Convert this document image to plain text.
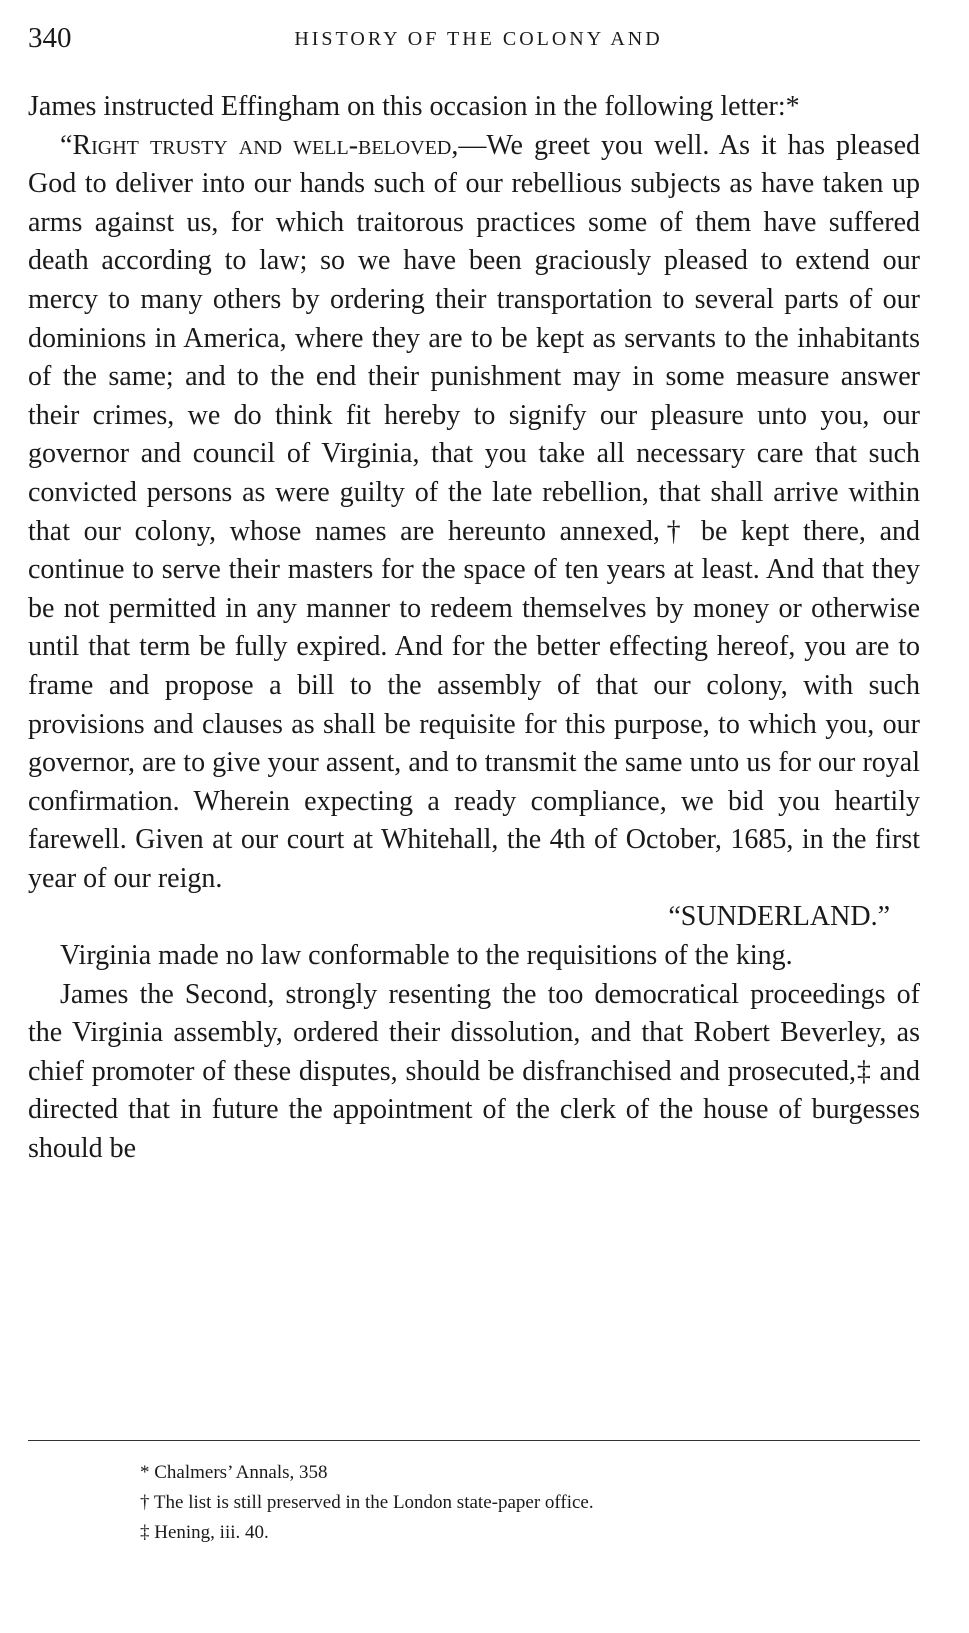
340	HISTORY OF THE COLONY AND

James instructed Effingham on this occasion in the following letter:*

“Right trusty and well-beloved,—We greet you well. As it has pleased God to deliver into our hands such of our rebellious subjects as have taken up arms against us, for which traitorous practices some of them have suffered death according to law; so we have been graciously pleased to extend our mercy to many others by ordering their transportation to several parts of our dominions in America, where they are to be kept as servants to the inhabitants of the same; and to the end their punishment may in some measure answer their crimes, we do think fit hereby to signify our pleasure unto you, our governor and council of Virginia, that you take all necessary care that such convicted persons as were guilty of the late rebellion, that shall arrive within that our colony, whose names are hereunto annexed,† be kept there, and continue to serve their masters for the space of ten years at least. And that they be not permitted in any manner to redeem themselves by money or otherwise until that term be fully expired. And for the better effecting hereof, you are to frame and propose a bill to the assembly of that our colony, with such provisions and clauses as shall be requisite for this purpose, to which you, our governor, are to give your assent, and to transmit the same unto us for our royal confirmation. Wherein expecting a ready compliance, we bid you heartily farewell. Given at our court at Whitehall, the 4th of October, 1685, in the first year of our reign.

“SUNDERLAND.”

Virginia made no law conformable to the requisitions of the king.

James the Second, strongly resenting the too democratical proceedings of the Virginia assembly, ordered their dissolution, and that Robert Beverley, as chief promoter of these disputes, should be disfranchised and prosecuted,‡ and directed that in future the appointment of the clerk of the house of burgesses should be

* Chalmers’ Annals, 358

† The list is still preserved in the London state-paper office.

‡ Hening, iii. 40.
